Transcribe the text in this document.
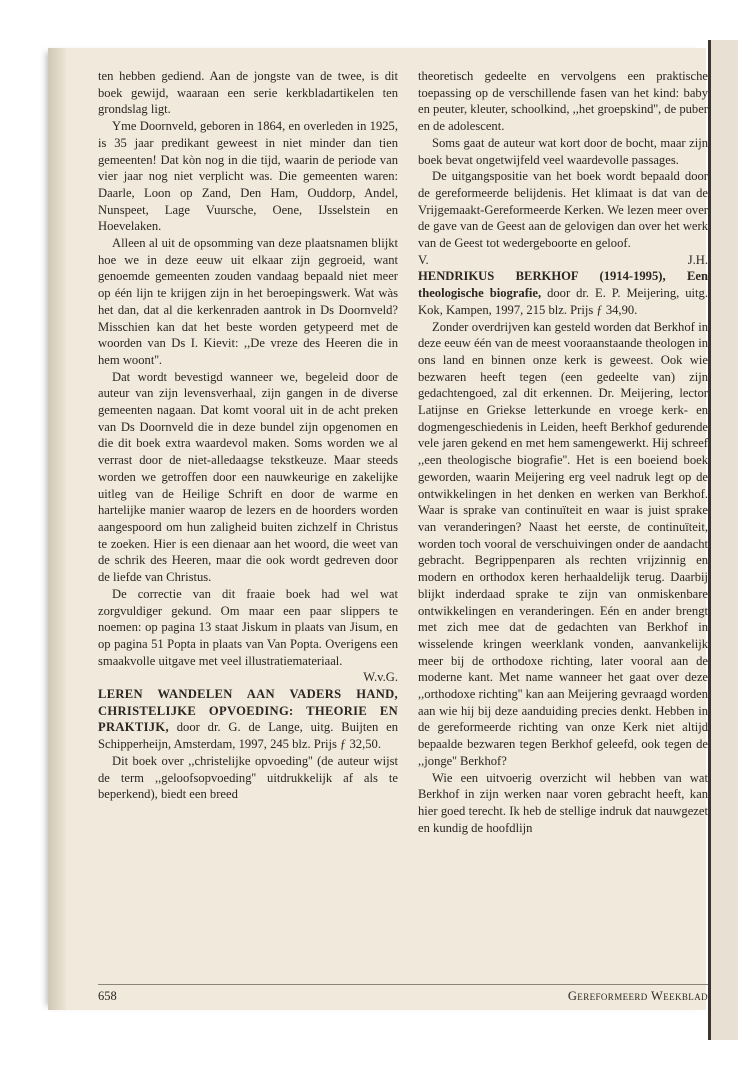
ten hebben gediend. Aan de jongste van de twee, is dit boek gewijd, waaraan een serie kerkbladartikelen ten grondslag ligt.

Yme Doornveld, geboren in 1864, en overleden in 1925, is 35 jaar predikant geweest in niet minder dan tien gemeenten! Dat kòn nog in die tijd, waarin de periode van vier jaar nog niet verplicht was. Die gemeenten waren: Daarle, Loon op Zand, Den Ham, Ouddorp, Andel, Nunspeet, Lage Vuursche, Oene, IJsselstein en Hoevelaken.

Alleen al uit de opsomming van deze plaatsnamen blijkt hoe we in deze eeuw uit elkaar zijn gegroeid, want genoemde gemeenten zouden vandaag bepaald niet meer op één lijn te krijgen zijn in het beroepingswerk. Wat wàs het dan, dat al die kerkenraden aantrok in Ds Doornveld? Misschien kan dat het beste worden getypeerd met de woorden van Ds I. Kievit: ,,De vreze des Heeren die in hem woont''.

Dat wordt bevestigd wanneer we, begeleid door de auteur van zijn levensverhaal, zijn gangen in de diverse gemeenten nagaan. Dat komt vooral uit in de acht preken van Ds Doornveld die in deze bundel zijn opgenomen en die dit boek extra waardevol maken. Soms worden we al verrast door de niet-alledaagse tekstkeuze. Maar steeds worden we getroffen door een nauwkeurige en zakelijke uitleg van de Heilige Schrift en door de warme en hartelijke manier waarop de lezers en de hoorders worden aangespoord om hun zaligheid buiten zichzelf in Christus te zoeken. Hier is een dienaar aan het woord, die weet van de schrik des Heeren, maar die ook wordt gedreven door de liefde van Christus.

De correctie van dit fraaie boek had wel wat zorgvuldiger gekund. Om maar een paar slippers te noemen: op pagina 13 staat Jiskum in plaats van Jisum, en op pagina 51 Popta in plaats van Van Popta. Overigens een smaakvolle uitgave met veel illustratiemateriaal.

W.v.G.

LEREN WANDELEN AAN VADERS HAND, CHRISTELIJKE OPVOEDING: THEORIE EN PRAKTIJK, door dr. G. de Lange, uitg. Buijten en Schipperheijn, Amsterdam, 1997, 245 blz. Prijs ƒ 32,50.

Dit boek over ,,christelijke opvoeding'' (de auteur wijst de term ,,geloofsopvoeding'' uitdrukkelijk af als te beperkend), biedt een breed

theoretisch gedeelte en vervolgens een praktische toepassing op de verschillende fasen van het kind: baby en peuter, kleuter, schoolkind, ,,het groepskind'', de puber en de adolescent.

Soms gaat de auteur wat kort door de bocht, maar zijn boek bevat ongetwijfeld veel waardevolle passages.

De uitgangspositie van het boek wordt bepaald door de gereformeerde belijdenis. Het klimaat is dat van de Vrijgemaakt-Gereformeerde Kerken. We lezen meer over de gave van de Geest aan de gelovigen dan over het werk van de Geest tot wedergeboorte en geloof.

V.	J.H.

HENDRIKUS BERKHOF (1914-1995), Een theologische biografie, door dr. E. P. Meijering, uitg. Kok, Kampen, 1997, 215 blz. Prijs ƒ 34,90.

Zonder overdrijven kan gesteld worden dat Berkhof in deze eeuw één van de meest vooraanstaande theologen in ons land en binnen onze kerk is geweest. Ook wie bezwaren heeft tegen (een gedeelte van) zijn gedachtengoed, zal dit erkennen. Dr. Meijering, lector Latijnse en Griekse letterkunde en vroege kerk- en dogmengeschiedenis in Leiden, heeft Berkhof gedurende vele jaren gekend en met hem samengewerkt. Hij schreef ,,een theologische biografie''. Het is een boeiend boek geworden, waarin Meijering erg veel nadruk legt op de ontwikkelingen in het denken en werken van Berkhof. Waar is sprake van continuïteit en waar is juist sprake van veranderingen? Naast het eerste, de continuïteit, worden toch vooral de verschuivingen onder de aandacht gebracht. Begrippenparen als rechten vrijzinnig en modern en orthodox keren herhaaldelijk terug. Daarbij blijkt inderdaad sprake te zijn van onmiskenbare ontwikkelingen en veranderingen. Eén en ander brengt met zich mee dat de gedachten van Berkhof in wisselende kringen weerklank vonden, aanvankelijk meer bij de orthodoxe richting, later vooral aan de moderne kant. Met name wanneer het gaat over deze ,,orthodoxe richting'' kan aan Meijering gevraagd worden aan wie hij bij deze aanduiding precies denkt. Hebben in de gereformeerde richting van onze Kerk niet altijd bepaalde bezwaren tegen Berkhof geleefd, ook tegen de ,,jonge'' Berkhof?

Wie een uitvoerig overzicht wil hebben van wat Berkhof in zijn werken naar voren gebracht heeft, kan hier goed terecht. Ik heb de stellige indruk dat nauwgezet en kundig de hoofdlijn

658	Gereformeerd Weekblad
